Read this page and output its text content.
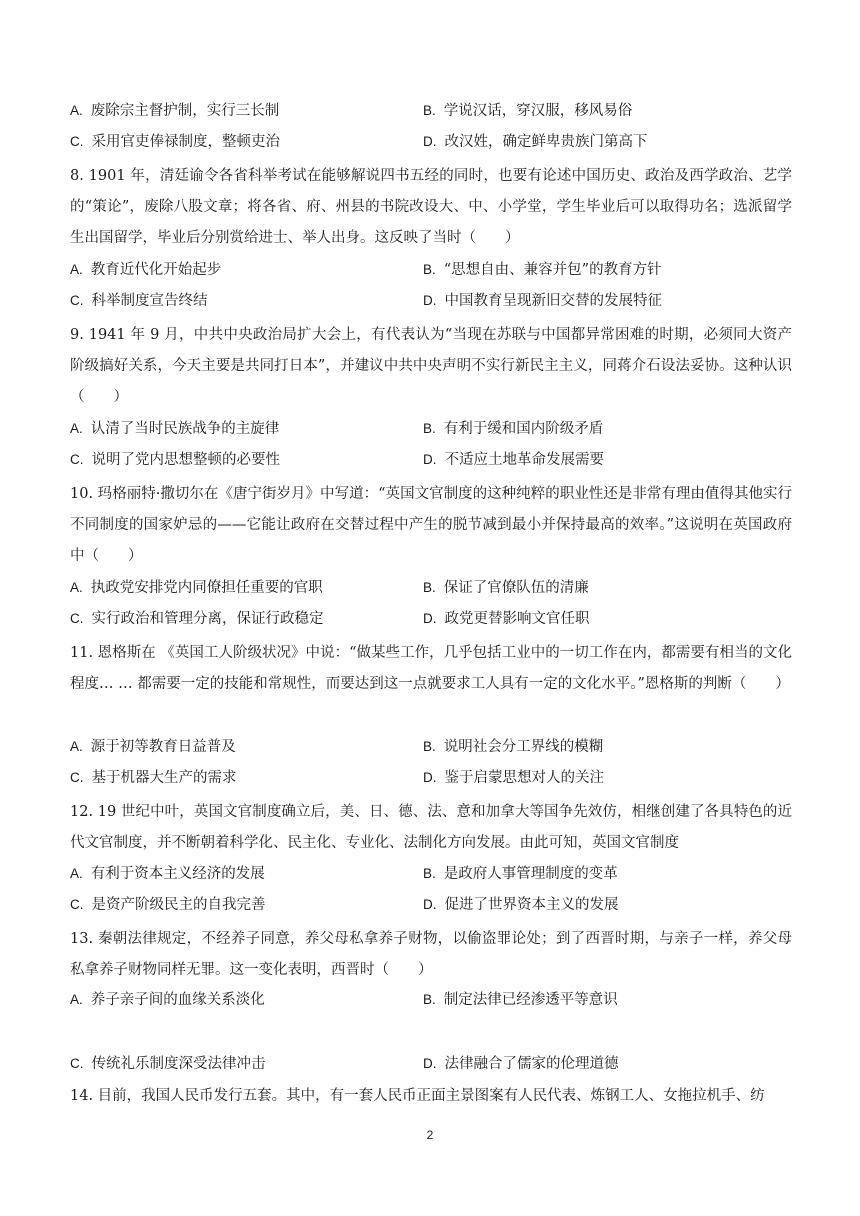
A. 废除宗主督护制，实行三长制	B. 学说汉话，穿汉服，移风易俗
C. 采用官吏俸禄制度，整顿吏治	D. 改汉姓，确定鲜卑贵族门第高下
8. 1901 年，清廷谕令各省科举考试在能够解说四书五经的同时，也要有论述中国历史、政治及西学政治、艺学的“策论”，废除八股文章；将各省、府、州县的书院改设大、中、小学堂，学生毕业后可以取得功名；选派留学生出国留学，毕业后分别赏给进士、举人出身。这反映了当时（　　）
A. 教育近代化开始起步	B. “思想自由、兼容并包”的教育方针
C. 科举制度宣告终结	D. 中国教育呈现新旧交替的发展特征
9. 1941 年 9 月，中共中央政治局扩大会上，有代表认为“当现在苏联与中国都异常困难的时期，必须同大资产阶级搞好关系，今天主要是共同打日本”，并建议中共中央声明不实行新民主主义，同蒋介石设法妥协。这种认识（　　）
A. 认清了当时民族战争的主旋律	B. 有利于缓和国内阶级矛盾
C. 说明了党内思想整顿的必要性	D. 不适应土地革命发展需要
10. 玛格丽特·撒切尔在《唐宁街岁月》中写道：“英国文官制度的这种纯粹的职业性还是非常有理由值得其他实行不同制度的国家妒忌的——它能让政府在交替过程中产生的脱节减到最小并保持最高的效率。”这说明在英国政府中（　　）
A. 执政党安排党内同僚担任重要的官职	B. 保证了官僚队伍的清廉
C. 实行政治和管理分离，保证行政稳定	D. 政党更替影响文官任职
11. 恩格斯在 《英国工人阶级状况》中说：“做某些工作，几乎包括工业中的一切工作在内，都需要有相当的文化程度… … 都需要一定的技能和常规性，而要达到这一点就要求工人具有一定的文化水平。”恩格斯的判断（　　）
A. 源于初等教育日益普及	B. 说明社会分工界线的模糊
C. 基于机器大生产的需求	D. 鉴于启蒙思想对人的关注
12. 19 世纪中叶，英国文官制度确立后，美、日、德、法、意和加拿大等国争先效仿，相继创建了各具特色的近代文官制度，并不断朝着科学化、民主化、专业化、法制化方向发展。由此可知，英国文官制度
A. 有利于资本主义经济的发展	B. 是政府人事管理制度的变革
C. 是资产阶级民主的自我完善	D. 促进了世界资本主义的发展
13. 秦朝法律规定，不经养子同意，养父母私拿养子财物，以偷盗罪论处；到了西晋时期，与亲子一样，养父母私拿养子财物同样无罪。这一变化表明，西晋时（　　）
A. 养子亲子间的血缘关系淡化	B. 制定法律已经渗透平等意识
C. 传统礼乐制度深受法律冲击	D. 法律融合了儒家的伦理道德
14. 目前，我国人民币发行五套。其中，有一套人民币正面主景图案有人民代表、炼钢工人、女拖拉机手、纺
2
